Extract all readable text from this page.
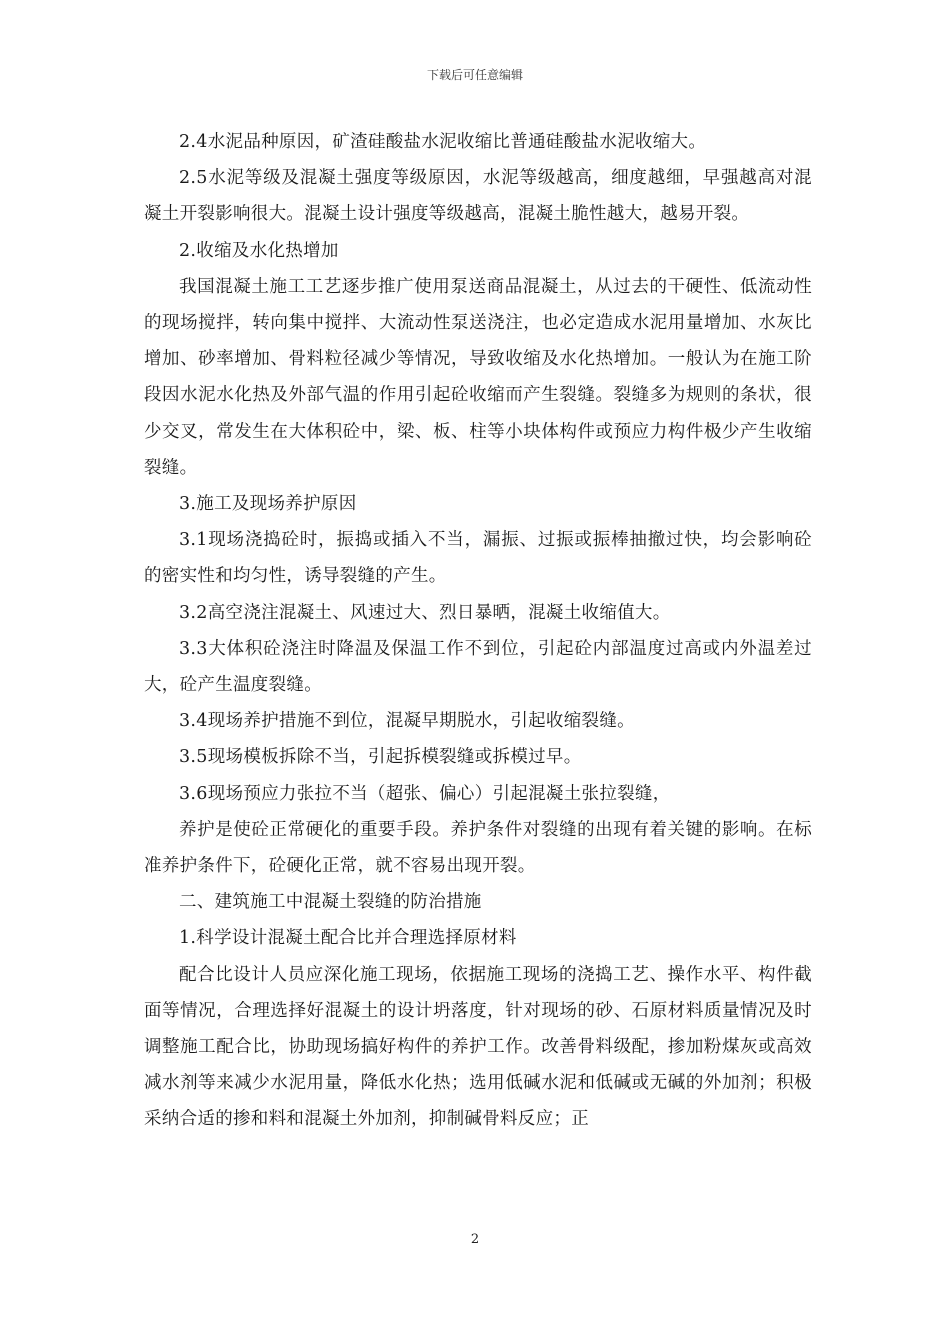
下载后可任意编辑

2.4水泥品种原因，矿渣硅酸盐水泥收缩比普通硅酸盐水泥收缩大。

2.5水泥等级及混凝土强度等级原因，水泥等级越高，细度越细，早强越高对混凝土开裂影响很大。混凝土设计强度等级越高，混凝土脆性越大，越易开裂。

2.收缩及水化热增加

我国混凝土施工工艺逐步推广使用泵送商品混凝土，从过去的干硬性、低流动性的现场搅拌，转向集中搅拌、大流动性泵送浇注，也必定造成水泥用量增加、水灰比增加、砂率增加、骨料粒径减少等情况，导致收缩及水化热增加。一般认为在施工阶段因水泥水化热及外部气温的作用引起砼收缩而产生裂缝。裂缝多为规则的条状，很少交叉，常发生在大体积砼中，梁、板、柱等小块体构件或预应力构件极少产生收缩裂缝。

3.施工及现场养护原因

3.1现场浇捣砼时，振捣或插入不当，漏振、过振或振棒抽撤过快，均会影响砼的密实性和均匀性，诱导裂缝的产生。

3.2高空浇注混凝土、风速过大、烈日暴晒，混凝土收缩值大。

3.3大体积砼浇注时降温及保温工作不到位，引起砼内部温度过高或内外温差过大，砼产生温度裂缝。

3.4现场养护措施不到位，混凝早期脱水，引起收缩裂缝。

3.5现场模板拆除不当，引起拆模裂缝或拆模过早。

3.6现场预应力张拉不当（超张、偏心）引起混凝土张拉裂缝，

养护是使砼正常硬化的重要手段。养护条件对裂缝的出现有着关键的影响。在标准养护条件下，砼硬化正常，就不容易出现开裂。

二、建筑施工中混凝土裂缝的防治措施

1.科学设计混凝土配合比并合理选择原材料

配合比设计人员应深化施工现场，依据施工现场的浇捣工艺、操作水平、构件截面等情况，合理选择好混凝土的设计坍落度，针对现场的砂、石原材料质量情况及时调整施工配合比，协助现场搞好构件的养护工作。改善骨料级配，掺加粉煤灰或高效减水剂等来减少水泥用量，降低水化热；选用低碱水泥和低碱或无碱的外加剂；积极采纳合适的掺和料和混凝土外加剂，抑制碱骨料反应；正

2
